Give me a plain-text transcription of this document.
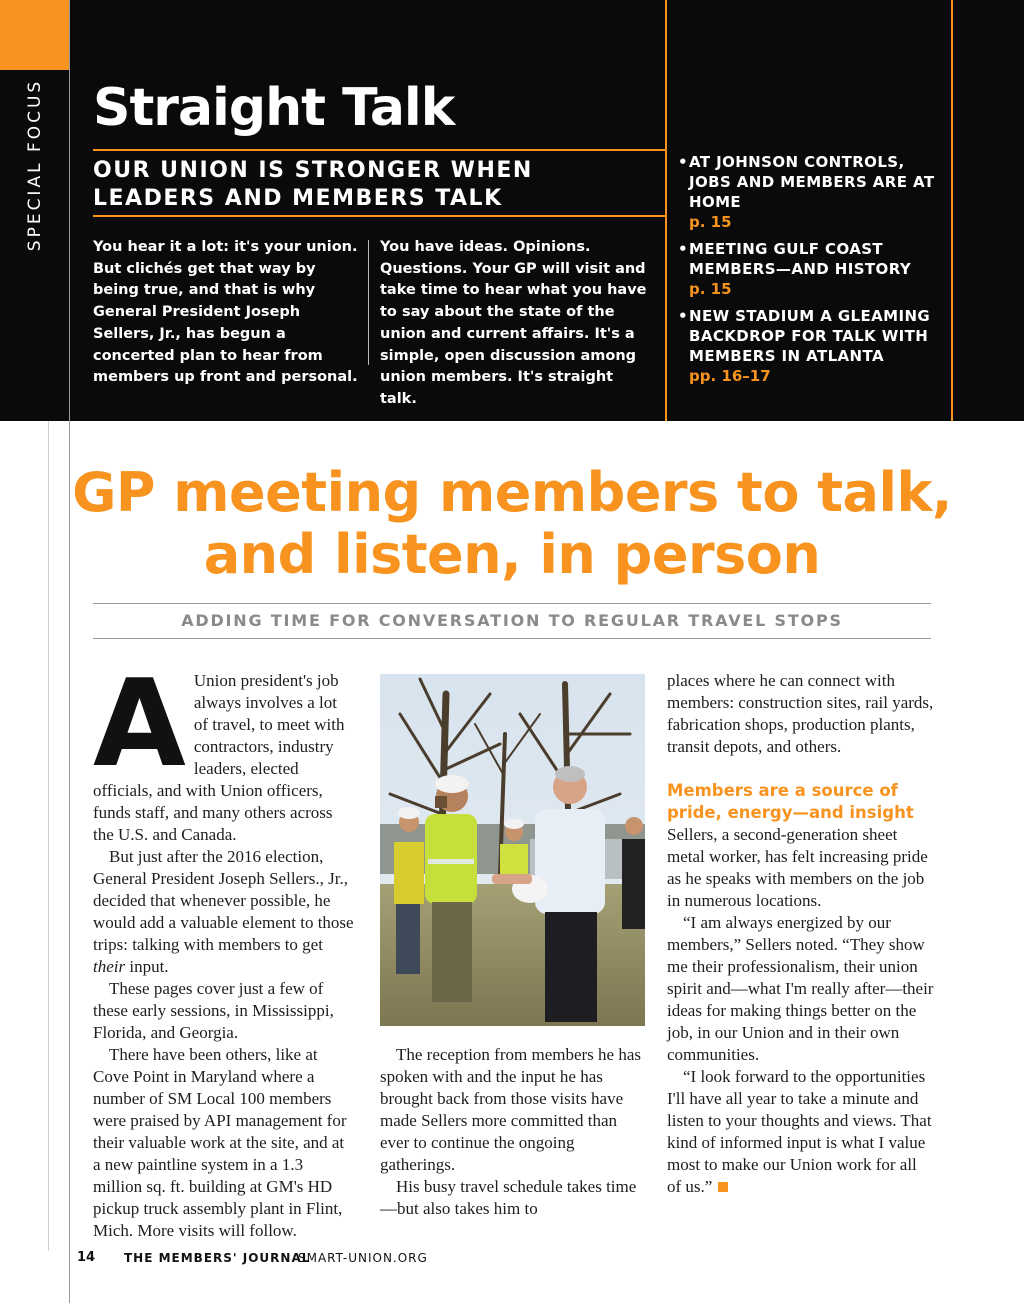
SPECIAL FOCUS Straight Talk
OUR UNION IS STRONGER WHEN LEADERS AND MEMBERS TALK

You hear it a lot: it's your union. But clichés get that way by being true, and that is why General President Joseph Sellers, Jr., has begun a concerted plan to hear from members up front and personal.

You have ideas. Opinions. Questions. Your GP will visit and take time to hear what you have to say about the state of the union and current affairs. It's a simple, open discussion among union members. It's straight talk.

• AT JOHNSON CONTROLS, JOBS AND MEMBERS ARE AT HOME
p. 15
• MEETING GULF COAST MEMBERS—AND HISTORY
p. 15
• NEW STADIUM A GLEAMING BACKDROP FOR TALK WITH MEMBERS IN ATLANTA
pp. 16–17
GP meeting members to talk, and listen, in person
ADDING TIME FOR CONVERSATION TO REGULAR TRAVEL STOPS

A Union president's job always involves a lot of travel, to meet with contractors, industry leaders, elected officials, and with Union officers, funds staff, and many others across the U.S. and Canada.

But just after the 2016 election, General President Joseph Sellers., Jr., decided that whenever possible, he would add a valuable element to those trips: talking with members to get their input.

These pages cover just a few of these early sessions, in Mississippi, Florida, and Georgia.

There have been others, like at Cove Point in Maryland where a number of SM Local 100 members were praised by API management for their valuable work at the site, and at a new paintline system in a 1.3 million sq. ft. building at GM's HD pickup truck assembly plant in Flint, Mich. More visits will follow.

The reception from members he has spoken with and the input he has brought back from those visits have made Sellers more committed than ever to continue the ongoing gatherings.

His busy travel schedule takes time—but also takes him to

places where he can connect with members: construction sites, rail yards, fabrication shops, production plants, transit depots, and others.

Members are a source of pride, energy—and insight

Sellers, a second-generation sheet metal worker, has felt increasing pride as he speaks with members on the job in numerous locations.

“I am always energized by our members,” Sellers noted. “They show me their professionalism, their union spirit and—what I'm really after—their ideas for making things better on the job, in our Union and in their own communities.

“I look forward to the opportunities I'll have all year to take a minute and listen to your thoughts and views. That kind of informed input is what I value most to make our Union work for all of us.”

14 THE MEMBERS' JOURNAL
SMART-UNION.ORG
